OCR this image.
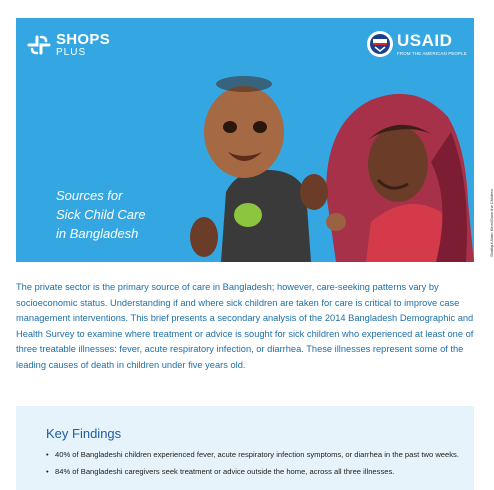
SHOPS
PLUS
USAID
FROM THE AMERICAN PEOPLE
Sources for
Sick Child Care
in Bangladesh	Shafiqul Alam Kiron/Save the Children

The private sector is the primary source of care in Bangladesh; however, care-seeking patterns vary by socioeconomic status. Understanding if and where sick children are taken for care is critical to improve case management interventions. This brief presents a secondary analysis of the 2014 Bangladesh Demographic and Health Survey to examine where treatment or advice is sought for sick children who experienced at least one of three treatable illnesses: fever, acute respiratory infection, or diarrhea. These illnesses represent some of the leading causes of death in children under five years old.

Key Findings
• 40% of Bangladeshi children experienced fever, acute respiratory infection symptoms, or diarrhea in the past two weeks.
• 84% of Bangladeshi caregivers seek treatment or advice outside the home, across all three illnesses.
